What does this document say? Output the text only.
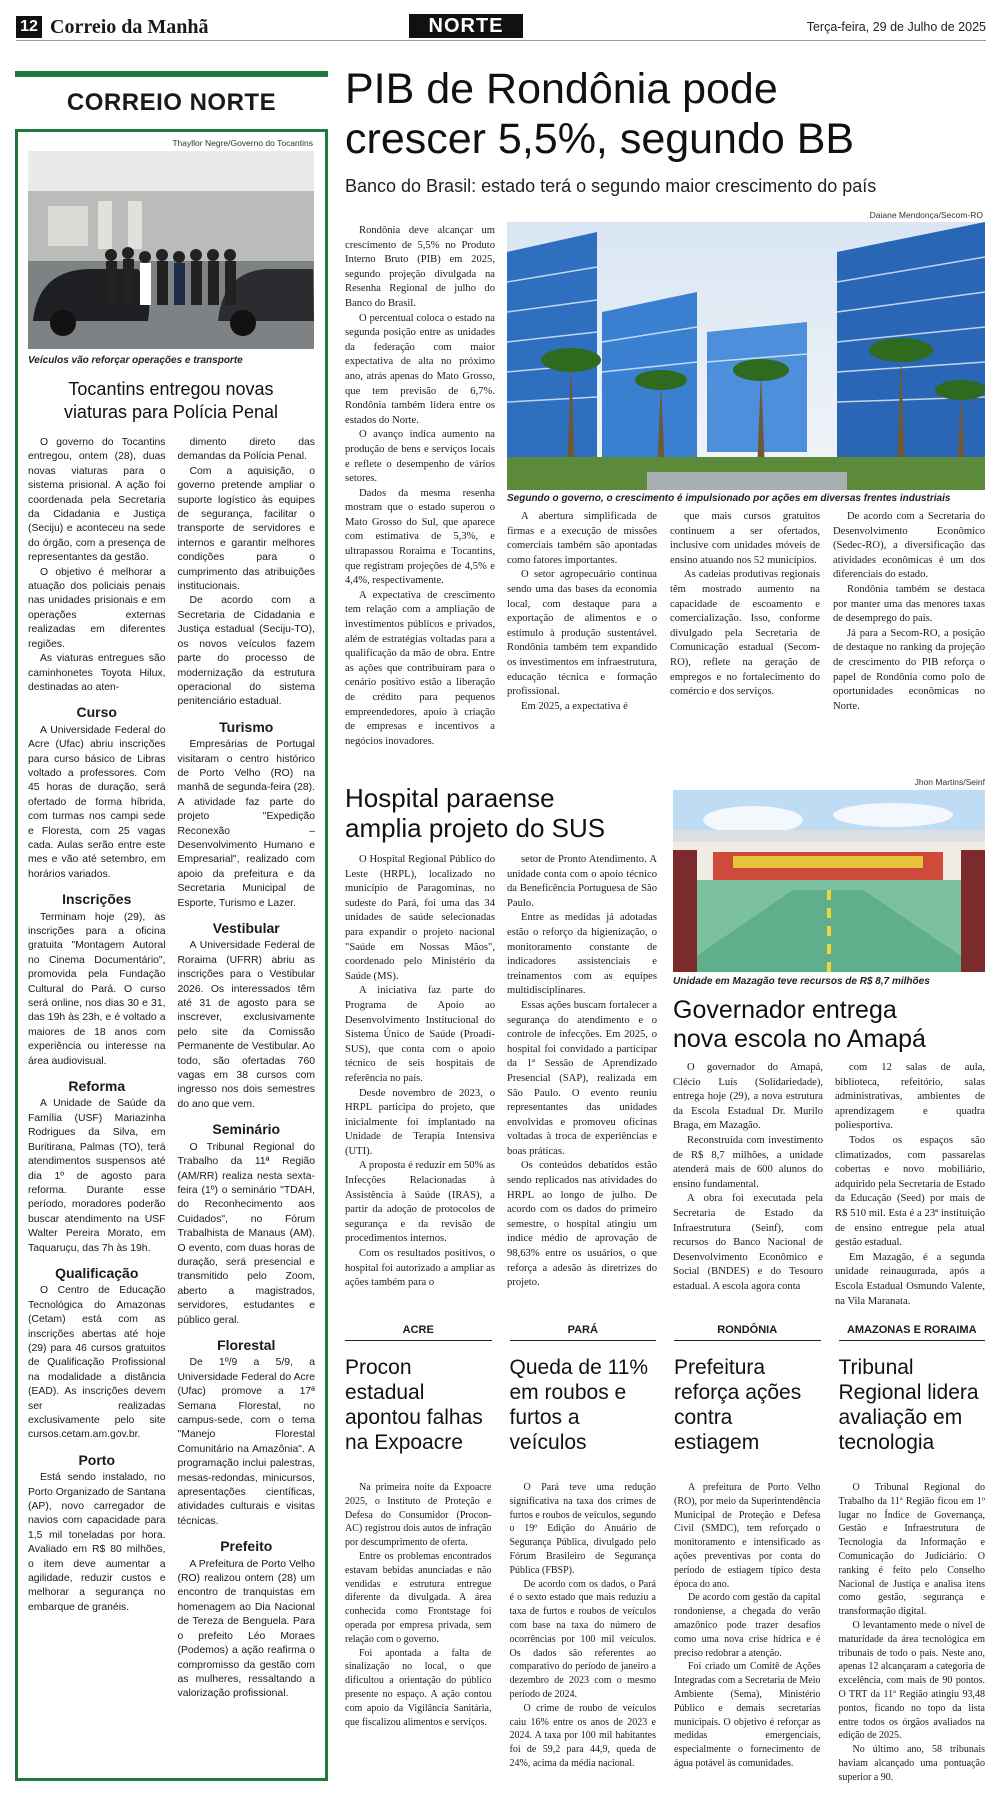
12 Correio da Manhã	NORTE	Terça-feira, 29 de Julho de 2025
CORREIO NORTE
Thayllor Negre/Governo do Tocantins
Veículos vão reforçar operações e transporte
Tocantins entregou novas viaturas para Polícia Penal

O governo do Tocantins entregou, ontem (28), duas novas viaturas para o sistema prisional. A ação foi coordenada pela Secretaria da Cidadania e Justiça (Seciju) e aconteceu na sede do órgão, com a presença de representantes da gestão.

O objetivo é melhorar a atuação dos policiais penais nas unidades prisionais e em operações externas realizadas em diferentes regiões.

As viaturas entregues são caminhonetes Toyota Hilux, destinadas ao aten-

Curso

A Universidade Federal do Acre (Ufac) abriu inscrições para curso básico de Libras voltado a professores. Com 45 horas de duração, será ofertado de forma híbrida, com turmas nos campi sede e Floresta, com 25 vagas cada. Aulas serão entre este mes e vão até setembro, em horários variados.

Inscrições

Terminam hoje (29), as inscrições para a oficina gratuita "Montagem Autoral no Cinema Documentário", promovida pela Fundação Cultural do Pará. O curso será online, nos dias 30 e 31, das 19h às 23h, e é voltado a maiores de 18 anos com experiência ou interesse na área audiovisual.

Reforma

A Unidade de Saúde da Família (USF) Mariazinha Rodrigues da Silva, em Buritirana, Palmas (TO), terá atendimentos suspensos até dia 1º de agosto para reforma. Durante esse período, moradores poderão buscar atendimento na USF Walter Pereira Morato, em Taquaruçu, das 7h às 19h.

Qualificação

O Centro de Educação Tecnológica do Amazonas (Cetam) está com as inscrições abertas até hoje (29) para 46 cursos gratuitos de Qualificação Profissional na modalidade a distância (EAD). As inscrições devem ser realizadas exclusivamente pelo site cursos.cetam.am.gov.br.

Porto

Está sendo instalado, no Porto Organizado de Santana (AP), novo carregador de navios com capacidade para 1,5 mil toneladas por hora. Avaliado em R$ 80 milhões, o item deve aumentar a agilidade, reduzir custos e melhorar a segurança no embarque de granéis.

dimento direto das demandas da Polícia Penal.

Com a aquisição, o governo pretende ampliar o suporte logístico às equipes de segurança, facilitar o transporte de servidores e internos e garantir melhores condições para o cumprimento das atribuições institucionais.

De acordo com a Secretaria de Cidadania e Justiça estadual (Seciju-TO), os novos veículos fazem parte do processo de modernização da estrutura operacional do sistema penitenciário estadual.

Turismo

Empresárias de Portugal visitaram o centro histórico de Porto Velho (RO) na manhã de segunda-feira (28). A atividade faz parte do projeto "Expedição Reconexão – Desenvolvimento Humano e Empresarial", realizado com apoio da prefeitura e da Secretaria Municipal de Esporte, Turismo e Lazer.

Vestibular

A Universidade Federal de Roraima (UFRR) abriu as inscrições para o Vestibular 2026. Os interessados têm até 31 de agosto para se inscrever, exclusivamente pelo site da Comissão Permanente de Vestibular. Ao todo, são ofertadas 760 vagas em 38 cursos com ingresso nos dois semestres do ano que vem.

Seminário

O Tribunal Regional do Trabalho da 11ª Região (AM/RR) realiza nesta sexta-feira (1º) o seminário "TDAH, do Reconhecimento aos Cuidados", no Fórum Trabalhista de Manaus (AM). O evento, com duas horas de duração, será presencial e transmitido pelo Zoom, aberto a magistrados, servidores, estudantes e público geral.

Florestal

De 1º/9 a 5/9, a Universidade Federal do Acre (Ufac) promove a 17ª Semana Florestal, no campus-sede, com o tema "Manejo Florestal Comunitário na Amazônia". A programação inclui palestras, mesas-redondas, minicursos, apresentações científicas, atividades culturais e visitas técnicas.

Prefeito

A Prefeitura de Porto Velho (RO) realizou ontem (28) um encontro de tranquistas em homenagem ao Dia Nacional de Tereza de Benguela. Para o prefeito Léo Moraes (Podemos) a ação reafirma o compromisso da gestão com as mulheres, ressaltando a valorização profissional.

PIB de Rondônia pode
crescer 5,5%, segundo BB
Banco do Brasil: estado terá o segundo maior crescimento do país
Daiane Mendonça/Secom-RO

Rondônia deve alcançar um crescimento de 5,5% no Produto Interno Bruto (PIB) em 2025, segundo projeção divulgada na Resenha Regional de julho do Banco do Brasil.

O percentual coloca o estado na segunda posição entre as unidades da federação com maior expectativa de alta no próximo ano, atrás apenas do Mato Grosso, que tem previsão de 6,7%. Rondônia também lidera entre os estados do Norte.

O avanço indica aumento na produção de bens e serviços locais e reflete o desempenho de vários setores.

Dados da mesma resenha mostram que o estado superou o Mato Grosso do Sul, que aparece com estimativa de 5,3%, e ultrapassou Roraima e Tocantins, que registram projeções de 4,5% e 4,4%, respectivamente.

A expectativa de crescimento tem relação com a ampliação de investimentos públicos e privados, além de estratégias voltadas para a qualificação da mão de obra. Entre as ações que contribuíram para o cenário positivo estão a liberação de crédito para pequenos empreendedores, apoio à criação de empresas e incentivos a negócios inovadores.

Segundo o governo, o crescimento é impulsionado por ações em diversas frentes industriais

A abertura simplificada de firmas e a execução de missões comerciais também são apontadas como fatores importantes.

O setor agropecuário continua sendo uma das bases da economia local, com destaque para a exportação de alimentos e o estímulo à produção sustentável. Rondônia também tem expandido os investimentos em infraestrutura, educação técnica e formação profissional.

Em 2025, a expectativa é

que mais cursos gratuitos continuem a ser ofertados, inclusive com unidades móveis de ensino atuando nos 52 municípios.

As cadeias produtivas regionais têm mostrado aumento na capacidade de escoamento e comercialização. Isso, conforme divulgado pela Secretaria de Comunicação estadual (Secom-RO), reflete na geração de empregos e no fortalecimento do comércio e dos serviços.

De acordo com a Secretaria do Desenvolvimento Econômico (Sedec-RO), a diversificação das atividades econômicas é um dos diferenciais do estado.

Rondônia também se destaca por manter uma das menores taxas de desemprego do país.

Já para a Secom-RO, a posição de destaque no ranking da projeção de crescimento do PIB reforça o papel de Rondônia como polo de oportunidades econômicas no Norte.

Hospital paraense
amplia projeto do SUS

O Hospital Regional Público do Leste (HRPL), localizado no município de Paragominas, no sudeste do Pará, foi uma das 34 unidades de saúde selecionadas para expandir o projeto nacional "Saúde em Nossas Mãos", coordenado pelo Ministério da Saúde (MS).

A iniciativa faz parte do Programa de Apoio ao Desenvolvimento Institucional do Sistema Único de Saúde (Proadi-SUS), que conta com o apoio técnico de seis hospitais de referência no país.

Desde novembro de 2023, o HRPL participa do projeto, que inicialmente foi implantado na Unidade de Terapia Intensiva (UTI).

A proposta é reduzir em 50% as Infecções Relacionadas à Assistência à Saúde (IRAS), a partir da adoção de protocolos de segurança e da revisão de procedimentos internos.

Com os resultados positivos, o hospital foi autorizado a ampliar as ações também para o

setor de Pronto Atendimento. A unidade conta com o apoio técnico da Beneficência Portuguesa de São Paulo.

Entre as medidas já adotadas estão o reforço da higienização, o monitoramento constante de indicadores assistenciais e treinamentos com as equipes multidisciplinares.

Essas ações buscam fortalecer a segurança do atendimento e o controle de infecções. Em 2025, o hospital foi convidado a participar da 1ª Sessão de Aprendizado Presencial (SAP), realizada em São Paulo. O evento reuniu representantes das unidades envolvidas e promoveu oficinas voltadas à troca de experiências e boas práticas.

Os conteúdos debatidos estão sendo replicados nas atividades do HRPL ao longo de julho. De acordo com os dados do primeiro semestre, o hospital atingiu um índice médio de aprovação de 98,63% entre os usuários, o que reforça a adesão às diretrizes do projeto.

Jhon Martins/Seinf
Unidade em Mazagão teve recursos de R$ 8,7 milhões
Governador entrega
nova escola no Amapá

O governador do Amapá, Clécio Luís (Solidariedade), entrega hoje (29), a nova estrutura da Escola Estadual Dr. Murilo Braga, em Mazagão.

Reconstruída com investimento de R$ 8,7 milhões, a unidade atenderá mais de 600 alunos do ensino fundamental.

A obra foi executada pela Secretaria de Estado da Infraestrutura (Seinf), com recursos do Banco Nacional de Desenvolvimento Econômico e Social (BNDES) e do Tesouro estadual. A escola agora conta

com 12 salas de aula, biblioteca, refeitório, salas administrativas, ambientes de aprendizagem e quadra poliesportiva.

Todos os espaços são climatizados, com passarelas cobertas e novo mobiliário, adquirido pela Secretaria de Estado da Educação (Seed) por mais de R$ 510 mil. Esta é a 23ª instituição de ensino entregue pela atual gestão estadual.

Em Mazagão, é a segunda unidade reinaugurada, após a Escola Estadual Osmundo Valente, na Vila Maranata.

ACRE
Procon estadual apontou falhas na Expoacre

Na primeira noite da Expoacre 2025, o Instituto de Proteção e Defesa do Consumidor (Procon-AC) registrou dois autos de infração por descumprimento de oferta.

Entre os problemas encontrados estavam bebidas anunciadas e não vendidas e estrutura entregue diferente da divulgada. A área conhecida como Frontstage foi operada por empresa privada, sem relação com o governo.

Foi apontada a falta de sinalização no local, o que dificultou a orientação do público presente no espaço. A ação contou com apoio da Vigilância Sanitária, que fiscalizou alimentos e serviços.

PARÁ
Queda de 11% em roubos e furtos a veículos

O Pará teve uma redução significativa na taxa dos crimes de furtos e roubos de veículos, segundo o 19º Edição do Anuário de Segurança Pública, divulgado pelo Fórum Brasileiro de Segurança Pública (FBSP).

De acordo com os dados, o Pará é o sexto estado que mais reduziu a taxa de furtos e roubos de veículos com base na taxa do número de ocorrências por 100 mil veículos. Os dados são referentes ao comparativo do período de janeiro a dezembro de 2023 com o mesmo período de 2024.

O crime de roubo de veículos caiu 16% entre os anos de 2023 e 2024. A taxa por 100 mil habitantes foi de 59,2 para 44,9, queda de 24%, acima da média nacional.

RONDÔNIA
Prefeitura reforça ações contra estiagem

A prefeitura de Porto Velho (RO), por meio da Superintendência Municipal de Proteção e Defesa Civil (SMDC), tem reforçado o monitoramento e intensificado as ações preventivas por conta do período de estiagem típico desta época do ano.

De acordo com gestão da capital rondoniense, a chegada do verão amazônico pode trazer desafios como uma nova crise hídrica e é preciso redobrar a atenção.

Foi criado um Comitê de Ações Integradas com a Secretaria de Meio Ambiente (Sema), Ministério Público e demais secretarias municipais. O objetivo é reforçar as medidas emergenciais, especialmente o fornecimento de água potável às comunidades.

AMAZONAS E RORAIMA
Tribunal Regional lidera avaliação em tecnologia

O Tribunal Regional do Trabalho da 11ª Região ficou em 1º lugar no Índice de Governança, Gestão e Infraestrutura de Tecnologia da Informação e Comunicação do Judiciário. O ranking é feito pelo Conselho Nacional de Justiça e analisa itens como gestão, segurança e transformação digital.

O levantamento mede o nível de maturidade da área tecnológica em tribunais de todo o país. Neste ano, apenas 12 alcançaram a categoria de excelência, com mais de 90 pontos. O TRT da 11ª Região atingiu 93,48 pontos, ficando no topo da lista entre todos os órgãos avaliados na edição de 2025.

No último ano, 58 tribunais haviam alcançado uma pontuação superior a 90.
